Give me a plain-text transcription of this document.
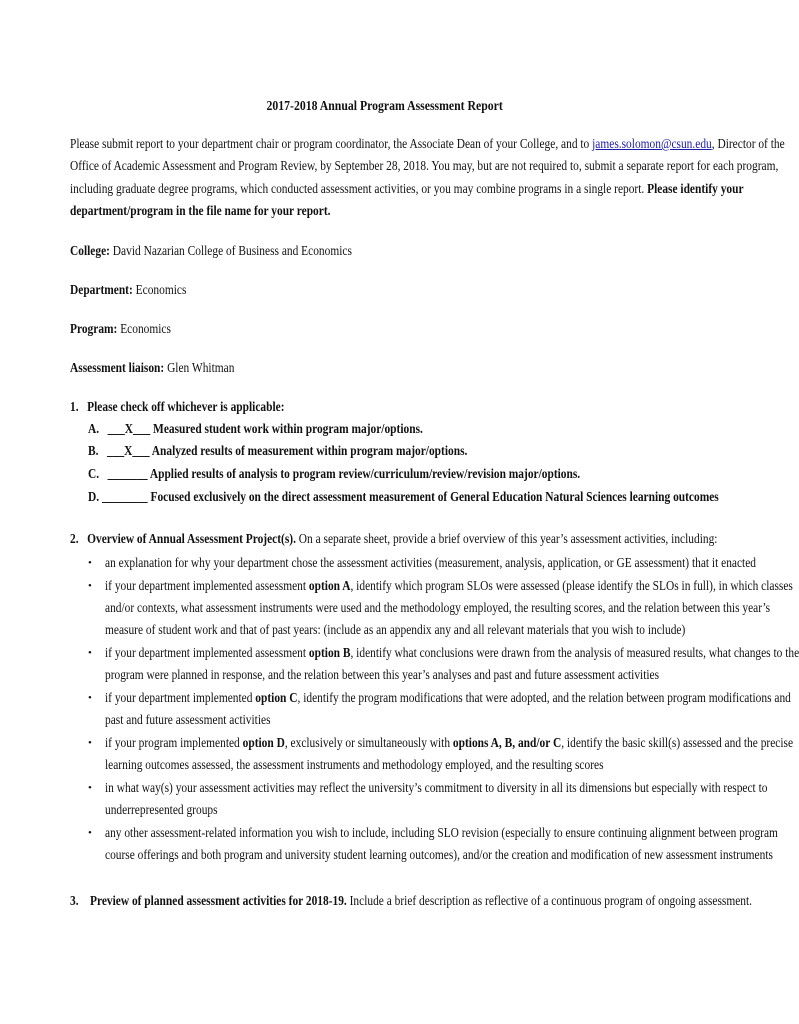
2017-2018 Annual Program Assessment Report
Please submit report to your department chair or program coordinator, the Associate Dean of your College, and to james.solomon@csun.edu, Director of the
Office of Academic Assessment and Program Review, by September 28, 2018. You may, but are not required to, submit a separate report for each program,
including graduate degree programs, which conducted assessment activities, or you may combine programs in a single report. Please identify your
department/program in the file name for your report.
College: David Nazarian College of Business and Economics
Department: Economics
Program: Economics
Assessment liaison: Glen Whitman
1. Please check off whichever is applicable:
A. ___X___ Measured student work within program major/options.
B. ___X___ Analyzed results of measurement within program major/options.
C. _______ Applied results of analysis to program review/curriculum/review/revision major/options.
D. ________ Focused exclusively on the direct assessment measurement of General Education Natural Sciences learning outcomes
2. Overview of Annual Assessment Project(s). On a separate sheet, provide a brief overview of this year’s assessment activities, including:
• an explanation for why your department chose the assessment activities (measurement, analysis, application, or GE assessment) that it enacted
• if your department implemented assessment option A, identify which program SLOs were assessed (please identify the SLOs in full), in which classes
and/or contexts, what assessment instruments were used and the methodology employed, the resulting scores, and the relation between this year’s
measure of student work and that of past years: (include as an appendix any and all relevant materials that you wish to include)
• if your department implemented assessment option B, identify what conclusions were drawn from the analysis of measured results, what changes to the
program were planned in response, and the relation between this year’s analyses and past and future assessment activities
• if your department implemented option C, identify the program modifications that were adopted, and the relation between program modifications and
past and future assessment activities
• if your program implemented option D, exclusively or simultaneously with options A, B, and/or C, identify the basic skill(s) assessed and the precise
learning outcomes assessed, the assessment instruments and methodology employed, and the resulting scores
• in what way(s) your assessment activities may reflect the university’s commitment to diversity in all its dimensions but especially with respect to
underrepresented groups
• any other assessment-related information you wish to include, including SLO revision (especially to ensure continuing alignment between program
course offerings and both program and university student learning outcomes), and/or the creation and modification of new assessment instruments
3. Preview of planned assessment activities for 2018-19. Include a brief description as reflective of a continuous program of ongoing assessment.
